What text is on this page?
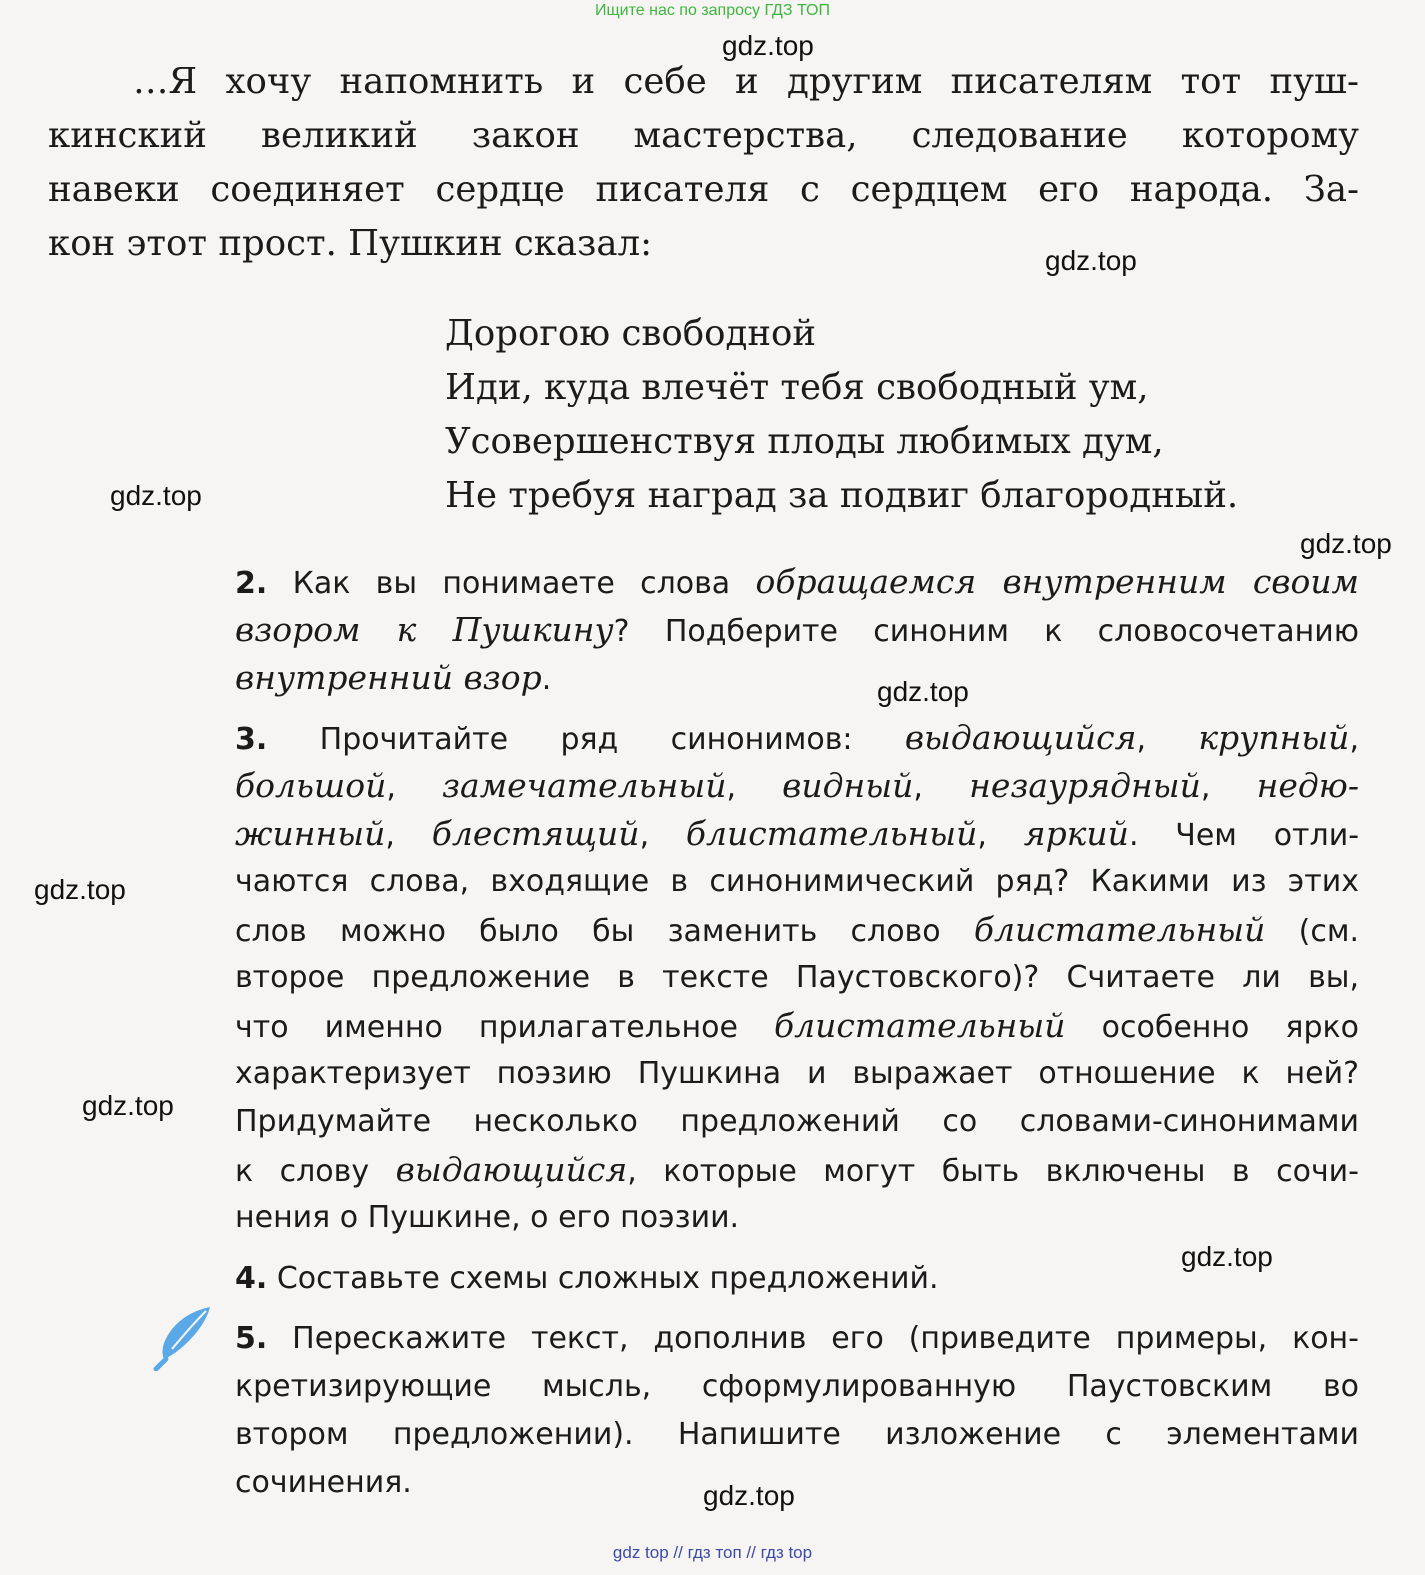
Ищите нас по запросу ГДЗ ТОП
gdz.top
gdz.top
gdz.top
gdz.top
gdz.top
gdz.top
gdz.top
gdz.top
gdz.top
…Я хочу напомнить и себе и другим писателям тот пуш-
кинский великий закон мастерства, следование которому
навеки соединяет сердце писателя с сердцем его народа. За-
кон этот прост. Пушкин сказал:
Дорогою свободной
Иди, куда влечёт тебя свободный ум,
Усовершенствуя плоды любимых дум,
Не требуя наград за подвиг благородный.
2. Как вы понимаете слова обращаемся внутренним своим
взором к Пушкину? Подберите синоним к словосочетанию
внутренний взор.
3. Прочитайте ряд синонимов: выдающийся, крупный,
большой, замечательный, видный, незаурядный, недю-
жинный, блестящий, блистательный, яркий. Чем отли-
чаются слова, входящие в синонимический ряд? Какими из этих
слов можно было бы заменить слово блистательный (см.
второе предложение в тексте Паустовского)? Считаете ли вы,
что именно прилагательное блистательный особенно ярко
характеризует поэзию Пушкина и выражает отношение к ней?
Придумайте несколько предложений со словами-синонимами
к слову выдающийся, которые могут быть включены в сочи-
нения о Пушкине, о его поэзии.
4. Составьте схемы сложных предложений.
5. Перескажите текст, дополнив его (приведите примеры, кон-
кретизирующие мысль, сформулированную Паустовским во
втором предложении). Напишите изложение с элементами
сочинения.
gdz top // гдз топ // гдз top
